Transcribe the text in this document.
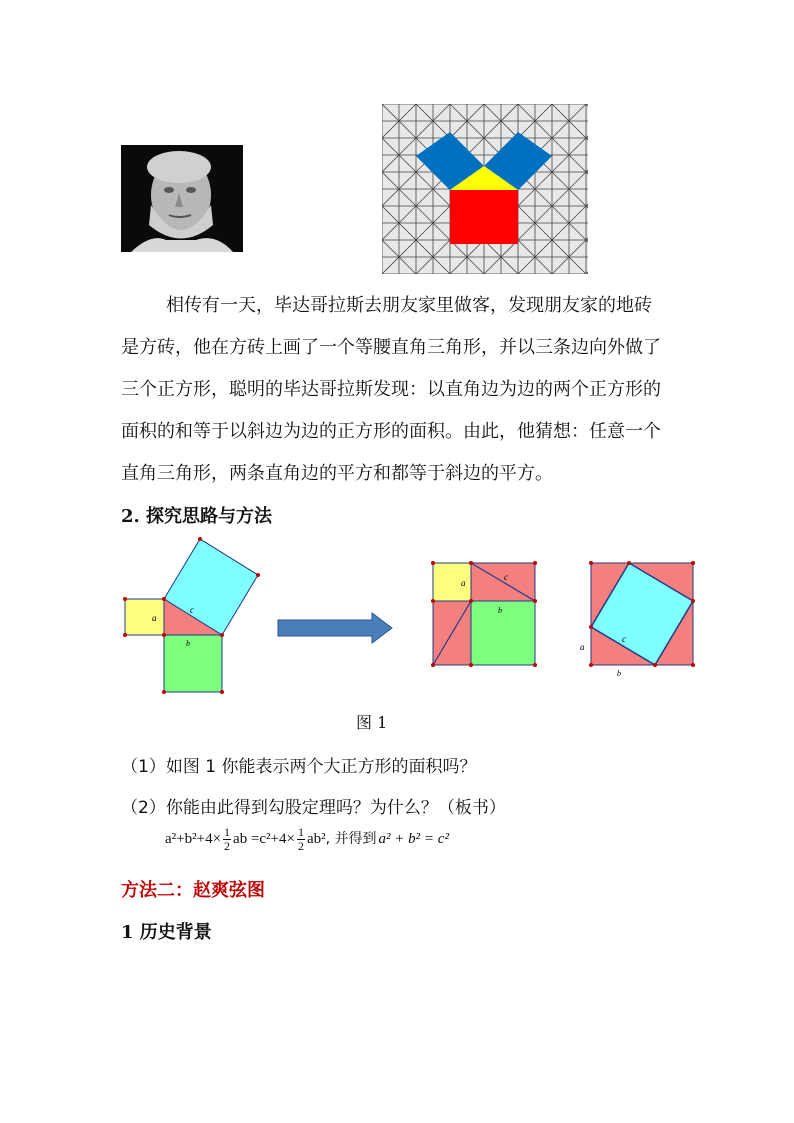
相传有一天，毕达哥拉斯去朋友家里做客，发现朋友家的地砖
是方砖，他在方砖上画了一个等腰直角三角形，并以三条边向外做了
三个正方形，聪明的毕达哥拉斯发现：以直角边为边的两个正方形的
面积的和等于以斜边为边的正方形的面积。由此，他猜想：任意一个
直角三角形，两条直角边的平方和都等于斜边的平方。
2. 探究思路与方法
a
c
b
a
c
b
c
a
b
图 1
（1）如图 1 你能表示两个大正方形的面积吗？
（2）你能由此得到勾股定理吗？为什么？（板书）
$a^2+b^2+4\times \frac{1}{2}$ ab $=c^2+4\times \frac{1}{2} ab^2$, 并得到 a² + b² = c²
方法二：赵爽弦图
1 历史背景
